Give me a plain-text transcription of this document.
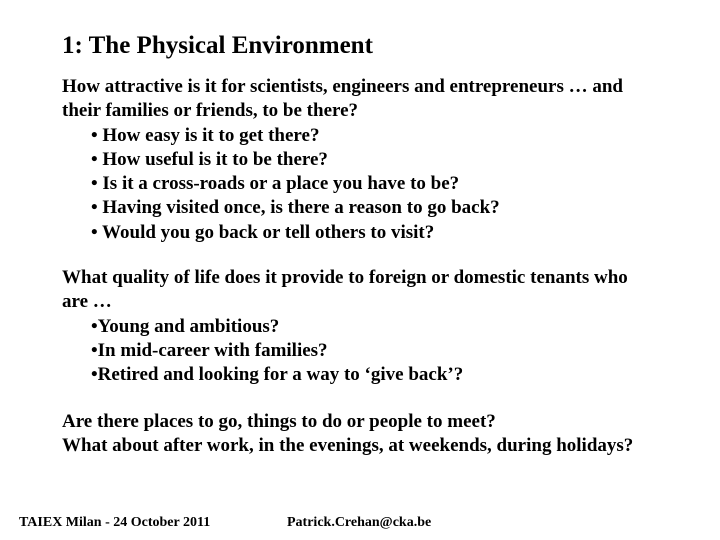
1: The Physical Environment
How attractive is it for scientists, engineers and entrepreneurs … and
their families or friends, to be there?
• How easy is it to get there?
• How useful is it to be there?
• Is it a cross-roads or a place you have to be?
• Having visited once, is there a reason to go back?
• Would you go back or tell others to visit?
What quality of life does it provide to foreign or domestic tenants who
are …
•Young and ambitious?
•In mid-career with families?
•Retired and looking for a way to ‘give back’?
Are there places to go, things to do or people to meet?
What about after work, in the evenings, at weekends, during holidays?
TAIEX Milan - 24 October 2011	Patrick.Crehan@cka.be
